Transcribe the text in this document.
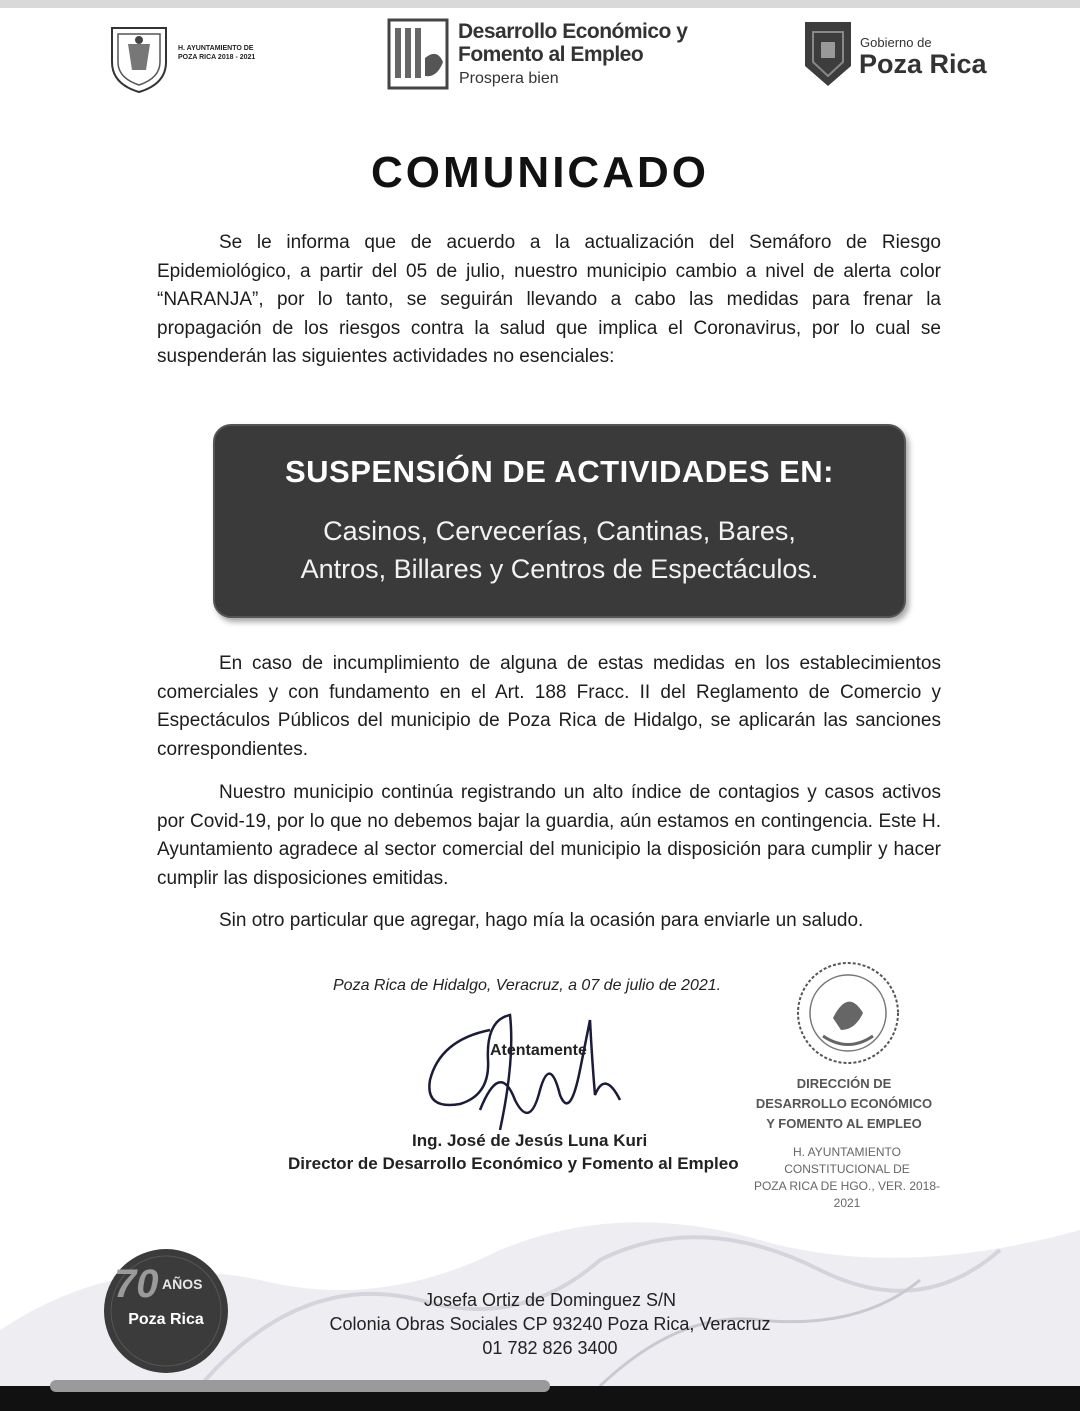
H. AYUNTAMIENTO DE
POZA RICA 2018 - 2021
Desarrollo Económico y
Fomento al Empleo
Prospera bien
Gobierno de
Poza Rica
COMUNICADO
Se le informa que de acuerdo a la actualización del Semáforo de Riesgo Epidemiológico, a partir del 05 de julio, nuestro municipio cambio a nivel de alerta color “NARANJA”, por lo tanto, se seguirán llevando a cabo las medidas para frenar la propagación de los riesgos contra la salud que implica el Coronavirus, por lo cual se suspenderán las siguientes actividades no esenciales:
SUSPENSIÓN DE ACTIVIDADES EN:
Casinos, Cervecerías, Cantinas, Bares,
Antros, Billares y Centros de Espectáculos.
En caso de incumplimiento de alguna de estas medidas en los establecimientos comerciales y con fundamento en el Art. 188 Fracc. II del Reglamento de Comercio y Espectáculos Públicos del municipio de Poza Rica de Hidalgo, se aplicarán las sanciones correspondientes.
Nuestro municipio continúa registrando un alto índice de contagios y casos activos por Covid-19, por lo que no debemos bajar la guardia, aún estamos en contingencia. Este H. Ayuntamiento agradece al sector comercial del municipio la disposición para cumplir y hacer cumplir las disposiciones emitidas.
Sin otro particular que agregar, hago mía la ocasión para enviarle un saludo.
Poza Rica de Hidalgo, Veracruz, a 07 de julio de 2021.
Atentamente
Ing. José de Jesús Luna Kuri
Director de Desarrollo Económico y Fomento al Empleo
DIRECCIÓN DE
DESARROLLO ECONÓMICO
Y FOMENTO AL EMPLEO
H. AYUNTAMIENTO
CONSTITUCIONAL DE
POZA RICA DE HGO., VER. 2018-2021
70 AÑOS
Poza Rica
Josefa Ortiz de Dominguez S/N
Colonia Obras Sociales CP 93240 Poza Rica, Veracruz
01 782 826 3400
